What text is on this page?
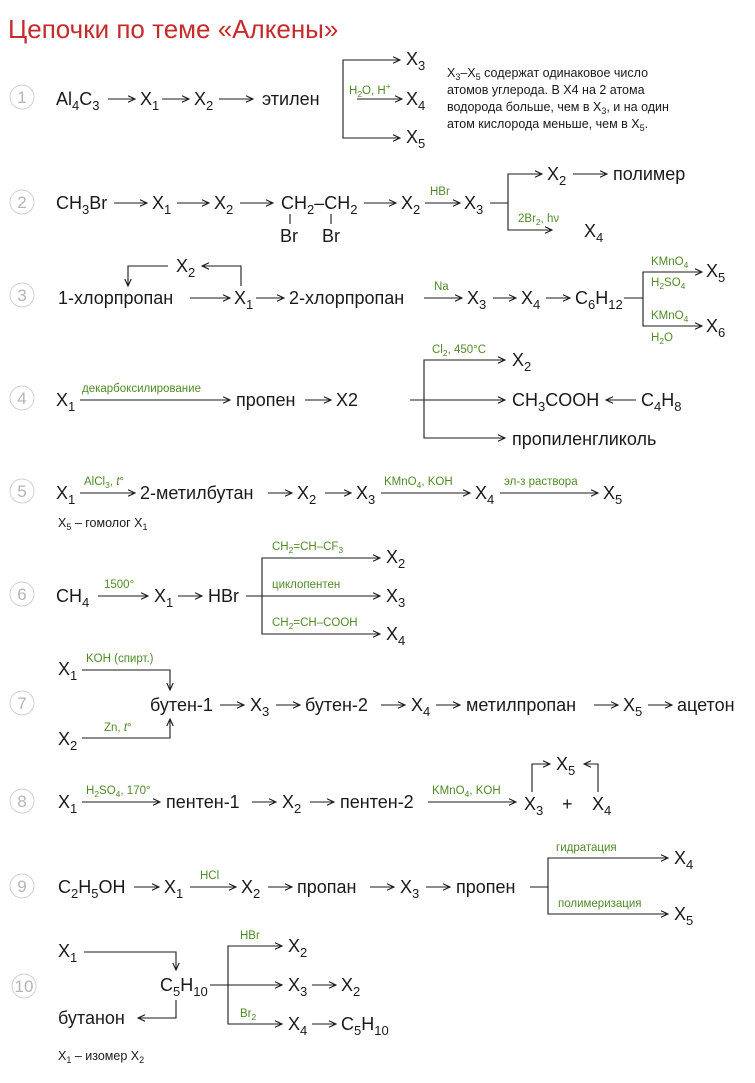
Цепочки по теме «Алкены»
1 $Al_4C_3$ $X_1$ $X_2$	этилен	$H_2O$, H+
$X_3$
$X_4$
$X_5$
$X_3-X_5$ содержат одинаковое число
атомов углерода. В X4 на 2 атома
водорода больше, чем в $X_3$, и на один
атом кислорода меньше, чем в $X_5$.
2 $CH_3Br$ $X_1$ $X_2$	$CH_2-CH_2$
Br Br
$X_2$
HBr
$X_3$
$2Br_2$, hν
$X_2$	полимер
$X_4$
3
$X_2$
1-хлорпропан	$X_1$ 2-хлорпропан
Na
$X_3$ $X_4$ $C_6H_{12}$
KMnO$_4$
$H_2SO_4$
KMnO$_4$
$H_2O$
$X_5$
$X_6$
4 $X_1$
декарбоксилирование
пропен X2
$Cl_2$, 450°C $X_2$
$CH_3COOH$ $C_4H_8$
пропиленгликоль
5 $X_1$
AlCl$_3$, t°
2-метилбутан $X_2$ $X_3$
KMnO$_4$, KOH
$X_4$
эл-з раствора
$X_5$
$X_5$ – гомолог $X_1$
6 $CH_4$
1500°
$X_1$ HBr
$CH_2=CH-CF_3$
циклопентен
$CH_2=CH$–COOH
$X_2$
$X_3$
$X_4$
7
$X_1$
KOH (спирт.)
бутен-1
$X_2$
Zn, t°
$X_3$ бутен-2 $X_4$ метилпропан	$X_5$ ацетон
8 $X_1$
$H_2SO_4$, 170°
пентен-1 $X_2$ пентен-2
KMnO$_4$, KOH
$X_5$
$X_3 + X_4$
9 $C_2H_5OH$ $X_1$
HCl
$X_2$ пропан $X_3$ пропен
гидратация
полимеризация
$X_4$
$X_5$
10
$X_1$
$C_5H_{10}$
бутанон
HBr
$Br_2$
$X_2$
$X_3$ $X_2$
$X_4$ $C_5H_{10}$
$X_1$ – изомер $X_2$
